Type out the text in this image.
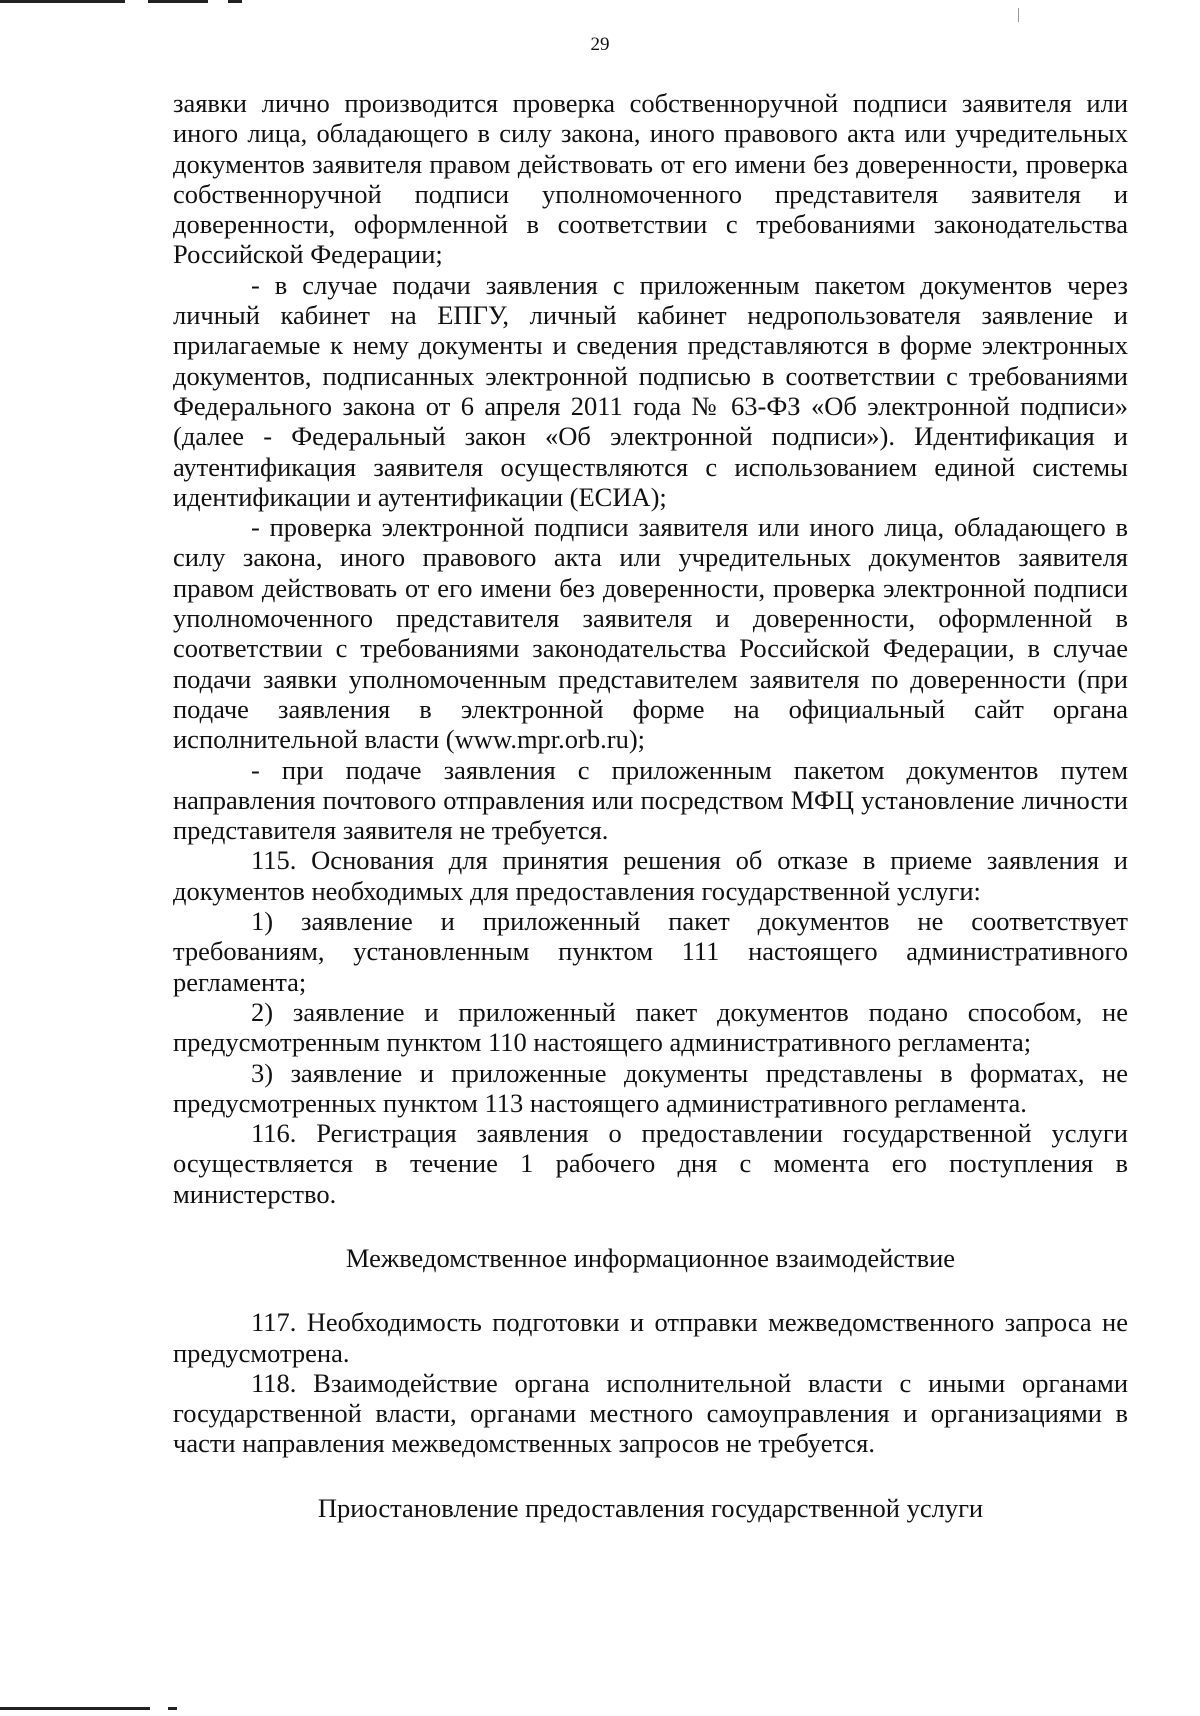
29

заявки лично производится проверка собственноручной подписи заявителя или иного лица, обладающего в силу закона, иного правового акта или учредительных документов заявителя правом действовать от его имени без доверенности, проверка собственноручной подписи уполномоченного представителя заявителя и доверенности, оформленной в соответствии с требованиями законодательства Российской Федерации;

- в случае подачи заявления с приложенным пакетом документов через личный кабинет на ЕПГУ, личный кабинет недропользователя заявление и прилагаемые к нему документы и сведения представляются в форме электронных документов, подписанных электронной подписью в соответствии с требованиями Федерального закона от 6 апреля 2011 года № 63-ФЗ «Об электронной подписи» (далее - Федеральный закон «Об электронной подписи»). Идентификация и аутентификация заявителя осуществляются с использованием единой системы идентификации и аутентификации (ЕСИА);

- проверка электронной подписи заявителя или иного лица, обладающего в силу закона, иного правового акта или учредительных документов заявителя правом действовать от его имени без доверенности, проверка электронной подписи уполномоченного представителя заявителя и доверенности, оформленной в соответствии с требованиями законодательства Российской Федерации, в случае подачи заявки уполномоченным представителем заявителя по доверенности (при подаче заявления в электронной форме на официальный сайт органа исполнительной власти (www.mpr.orb.ru);

- при подаче заявления с приложенным пакетом документов путем направления почтового отправления или посредством МФЦ установление личности представителя заявителя не требуется.

115. Основания для принятия решения об отказе в приеме заявления и документов необходимых для предоставления государственной услуги:

1) заявление и приложенный пакет документов не соответствует требованиям, установленным пунктом 111 настоящего административного регламента;

2) заявление и приложенный пакет документов подано способом, не предусмотренным пунктом 110 настоящего административного регламента;

3) заявление и приложенные документы представлены в форматах, не предусмотренных пунктом 113 настоящего административного регламента.

116. Регистрация заявления о предоставлении государственной услуги осуществляется в течение 1 рабочего дня с момента его поступления в министерство.

Межведомственное информационное взаимодействие

117. Необходимость подготовки и отправки межведомственного запроса не предусмотрена.

118. Взаимодействие органа исполнительной власти с иными органами государственной власти, органами местного самоуправления и организациями в части направления межведомственных запросов не требуется.

Приостановление предоставления государственной услуги
